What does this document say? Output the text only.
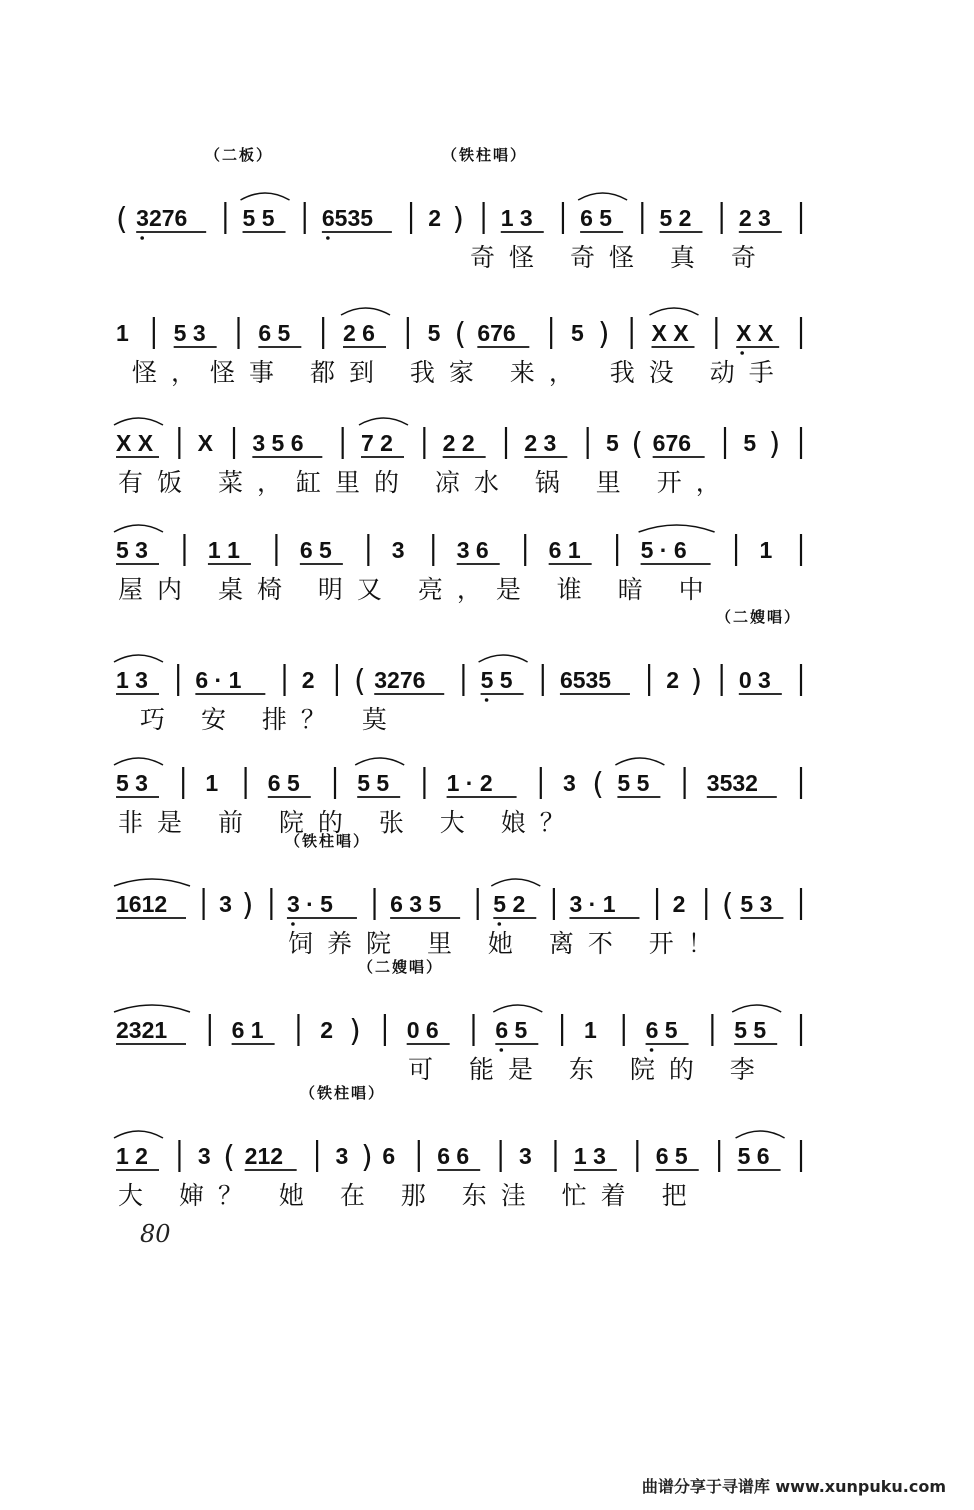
（二板）	（铁柱唱）

( 3276 5 5 6535 2 ) 1 3 6 5 5 2 2 3

奇怪 奇怪 真 奇

1 5 3 6 5 2 6 5 ( 676 5 ) X X X X

怪，怪事 都到 我家 来， 我没 动手

X X X 3 5 6	7 2 2 2 2 3 5 ( 676 5 )

有饭 菜，缸里的 凉水 锅 里 开，

5 3	1 1	6 5	3 3 6	6 1	5 · 6	1

屋内 桌椅 明又 亮，是 谁 暗 中

（二嫂唱）

1 3 6 · 1	2 ( 3276 5 5 6535 2 ) 0 3

巧 安 排？ 莫

5 3 1 6 5 5 5 1 · 2	3 ( 5 5 3532

非是 前 院的 张 大 娘？

（铁柱唱）

1612 3 ) 3 · 5 6 3 5 5 2 3 · 1 2 ( 5 3

饲养院 里 她 离不 开！

（二嫂唱）

2321	6 1 2 ) 0 6 6 5 1 6 5 5 5

可 能是 东 院的 李

（铁柱唱）

1 2 3 ( 212 3 ) 6 6 6 3 1 3 6 5 5 6

大 婶？ 她 在 那 东洼 忙着 把

80

曲谱分享于寻谱库 www.xunpuku.com
